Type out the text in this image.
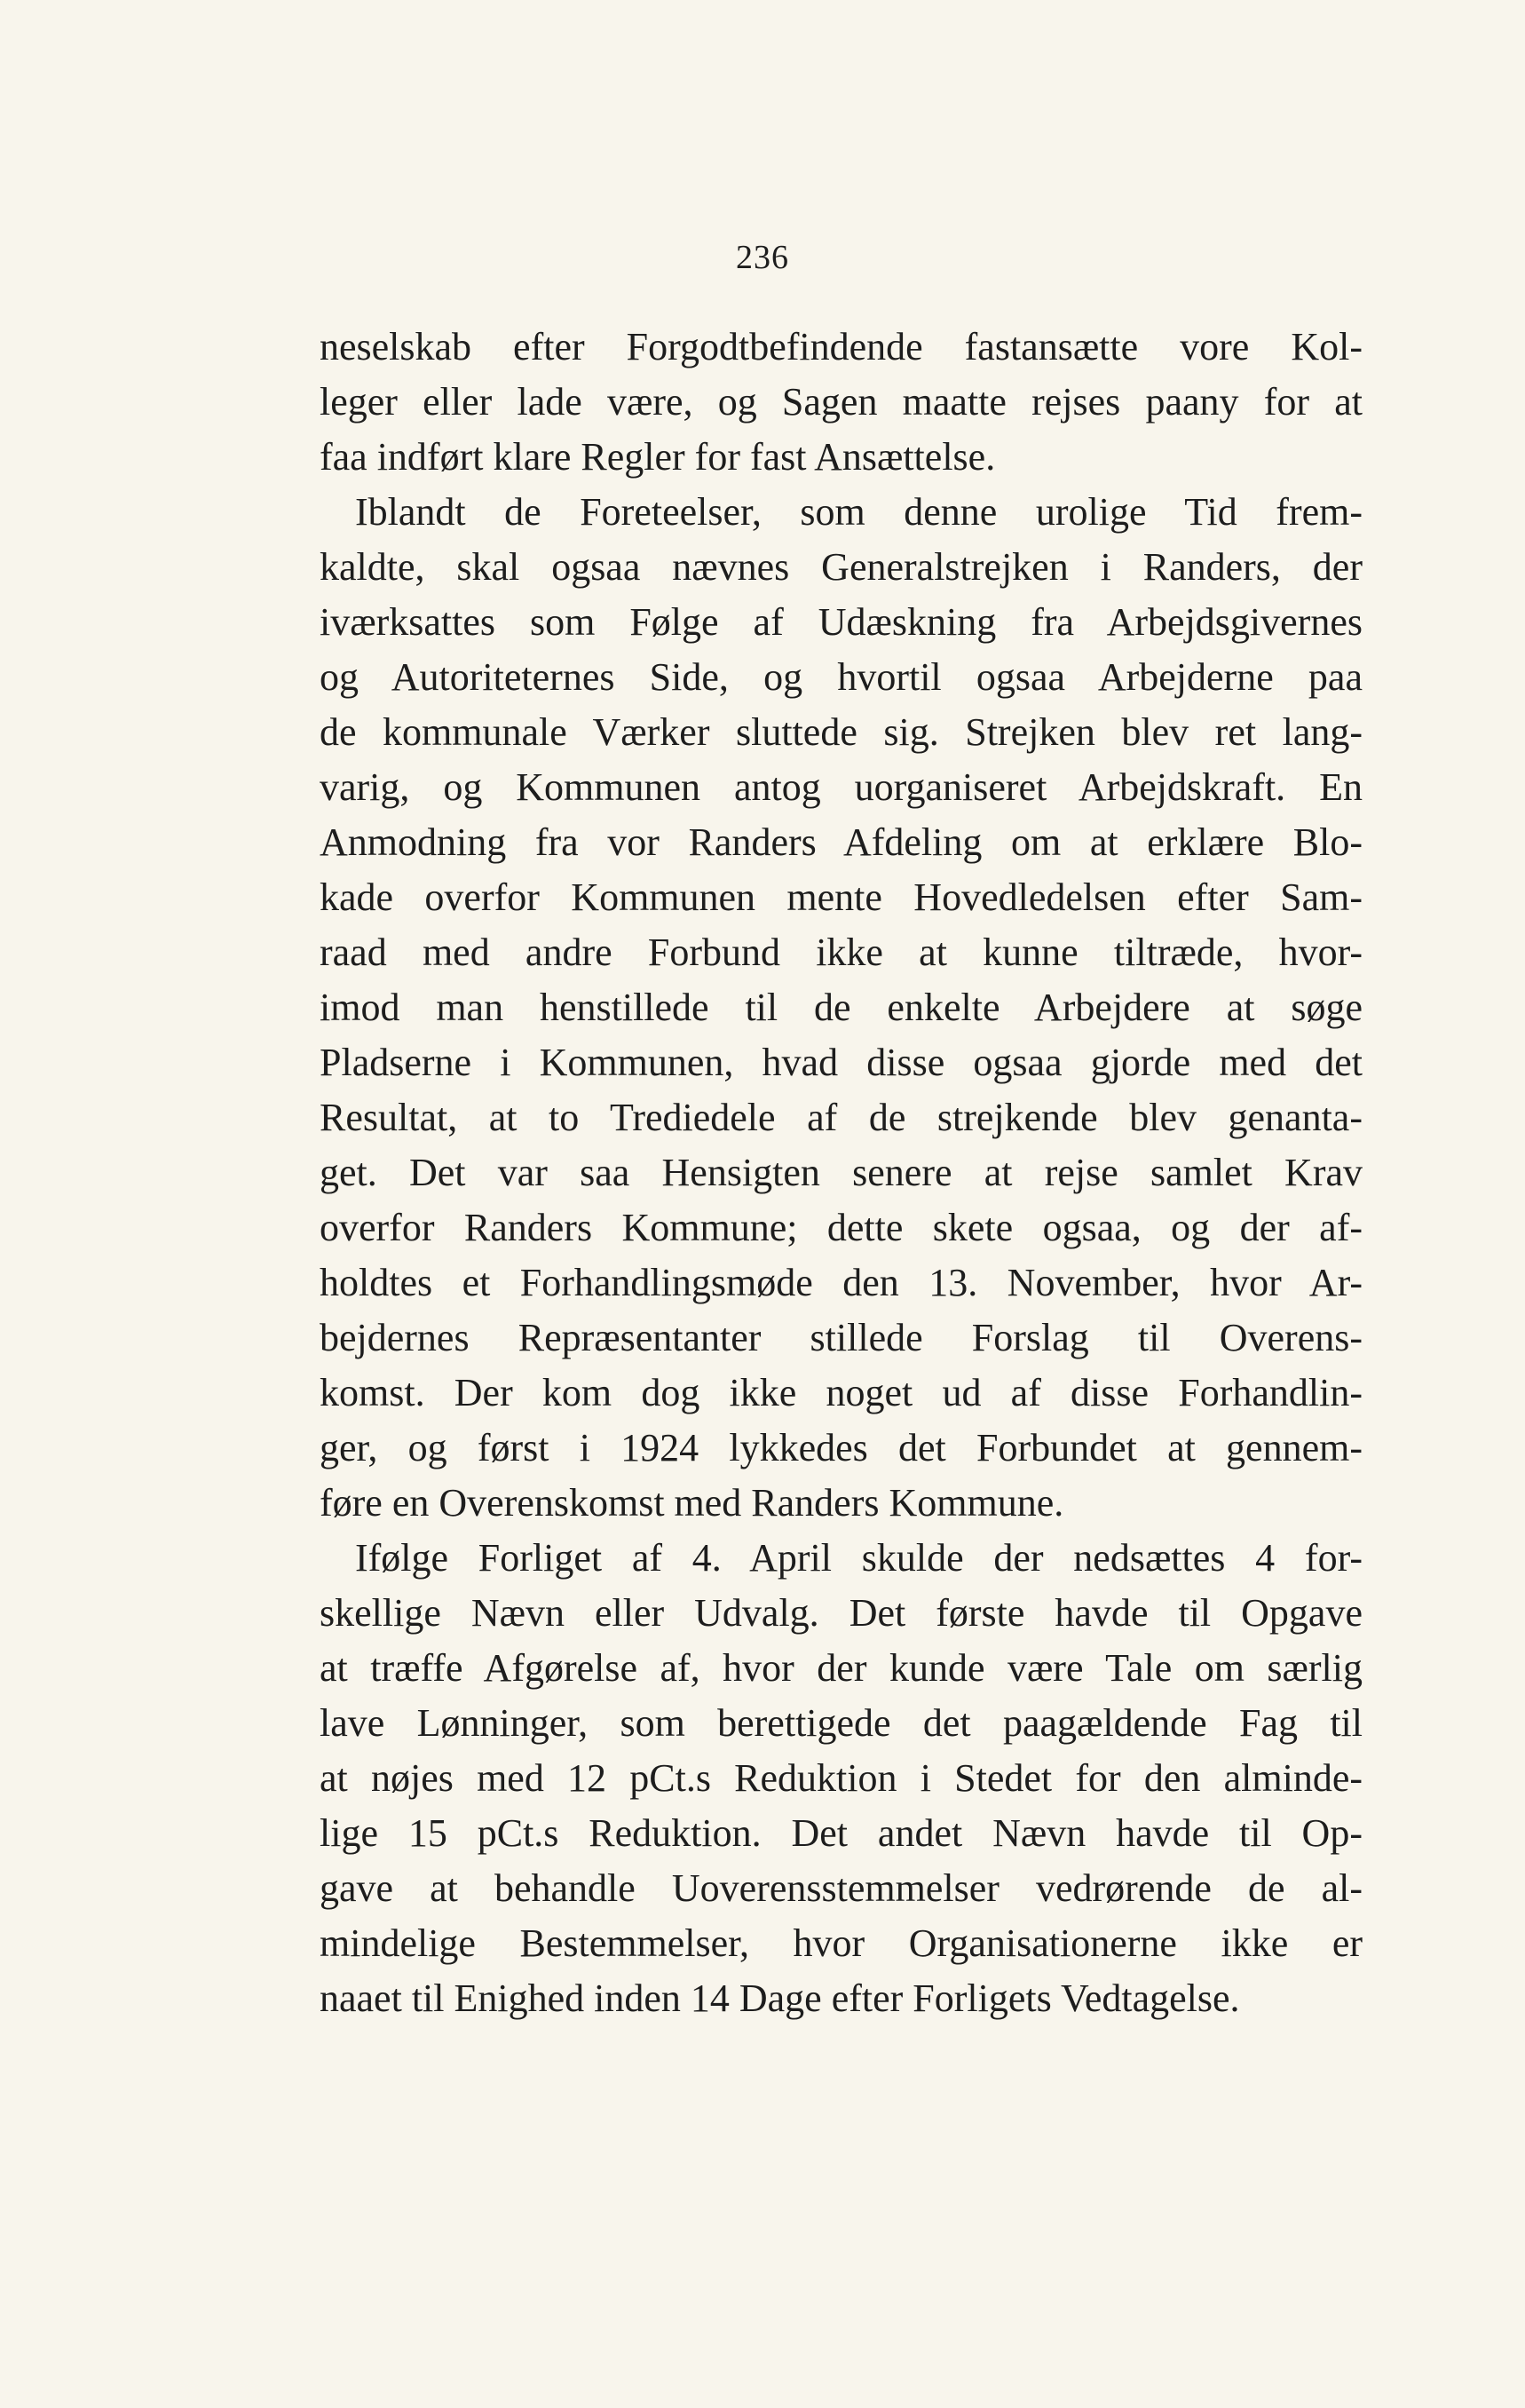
236
neselskab efter Forgodtbefindende fastansætte vore Kol-
leger eller lade være, og Sagen maatte rejses paany for at
faa indført klare Regler for fast Ansættelse.
Iblandt de Foreteelser, som denne urolige Tid frem-
kaldte, skal ogsaa nævnes Generalstrejken i Randers, der
iværksattes som Følge af Udæskning fra Arbejdsgivernes
og Autoriteternes Side, og hvortil ogsaa Arbejderne paa
de kommunale Værker sluttede sig. Strejken blev ret lang-
varig, og Kommunen antog uorganiseret Arbejdskraft. En
Anmodning fra vor Randers Afdeling om at erklære Blo-
kade overfor Kommunen mente Hovedledelsen efter Sam-
raad med andre Forbund ikke at kunne tiltræde, hvor-
imod man henstillede til de enkelte Arbejdere at søge
Pladserne i Kommunen, hvad disse ogsaa gjorde med det
Resultat, at to Trediedele af de strejkende blev genanta-
get. Det var saa Hensigten senere at rejse samlet Krav
overfor Randers Kommune; dette skete ogsaa, og der af-
holdtes et Forhandlingsmøde den 13. November, hvor Ar-
bejdernes Repræsentanter stillede Forslag til Overens-
komst. Der kom dog ikke noget ud af disse Forhandlin-
ger, og først i 1924 lykkedes det Forbundet at gennem-
føre en Overenskomst med Randers Kommune.
Ifølge Forliget af 4. April skulde der nedsættes 4 for-
skellige Nævn eller Udvalg. Det første havde til Opgave
at træffe Afgørelse af, hvor der kunde være Tale om særlig
lave Lønninger, som berettigede det paagældende Fag til
at nøjes med 12 pCt.s Reduktion i Stedet for den alminde-
lige 15 pCt.s Reduktion. Det andet Nævn havde til Op-
gave at behandle Uoverensstemmelser vedrørende de al-
mindelige Bestemmelser, hvor Organisationerne ikke er
naaet til Enighed inden 14 Dage efter Forligets Vedtagelse.
